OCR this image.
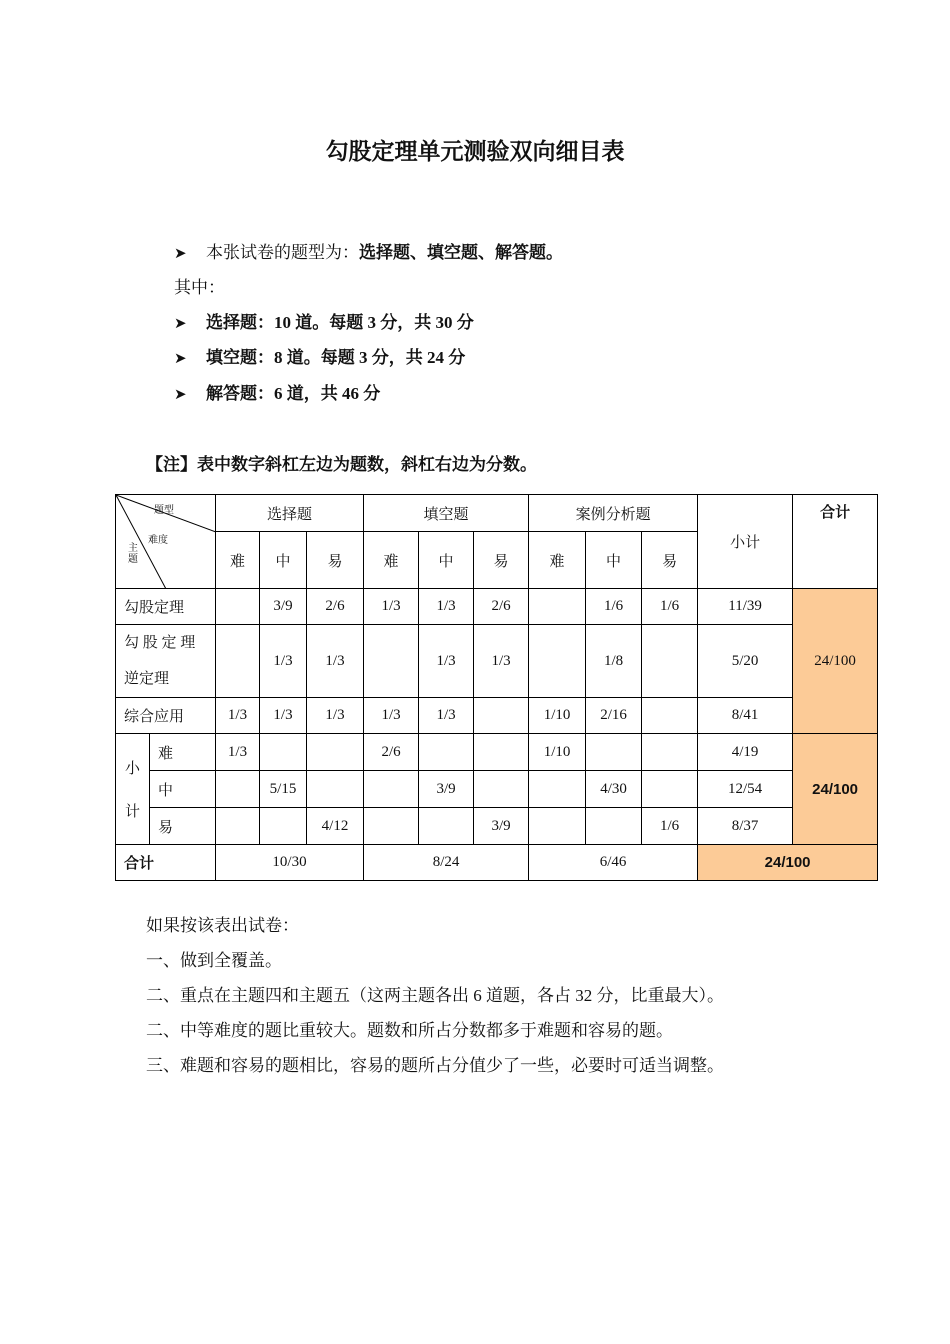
勾股定理单元测验双向细目表
➤ 本张试卷的题型为：选择题、填空题、解答题。
其中：
➤ 选择题：10 道。每题 3 分，共 30 分
➤ 填空题：8 道。每题 3 分，共 24 分
➤ 解答题：6 道，共 46 分
【注】表中数字斜杠左边为题数，斜杠右边为分数。
题型
难度
主题		选择题			填空题			案例分析题			小计	合计
		难	中	易	难	中	易	难	中	易		
勾股定理			3/9	2/6	1/3	1/3	2/6		1/6	1/6	11/39	24/100

勾 股 定 理
逆定理			1/3	1/3		1/3	1/3		1/8		5/20	
综合应用		1/3	1/3	1/3	1/3	1/3		1/10	2/16		8/41	

小
计	难	1/3			2/6			1/10			4/19	24/100
	中		5/15			3/9			4/30		12/54	
	易			4/12			3/9			1/6	8/37	
合计		10/30			8/24			6/46			24/100	
如果按该表出试卷：
一、做到全覆盖。
二、重点在主题四和主题五（这两主题各出 6 道题，各占 32 分，比重最大）。
二、中等难度的题比重较大。题数和所占分数都多于难题和容易的题。
三、难题和容易的题相比，容易的题所占分值少了一些，必要时可适当调整。
